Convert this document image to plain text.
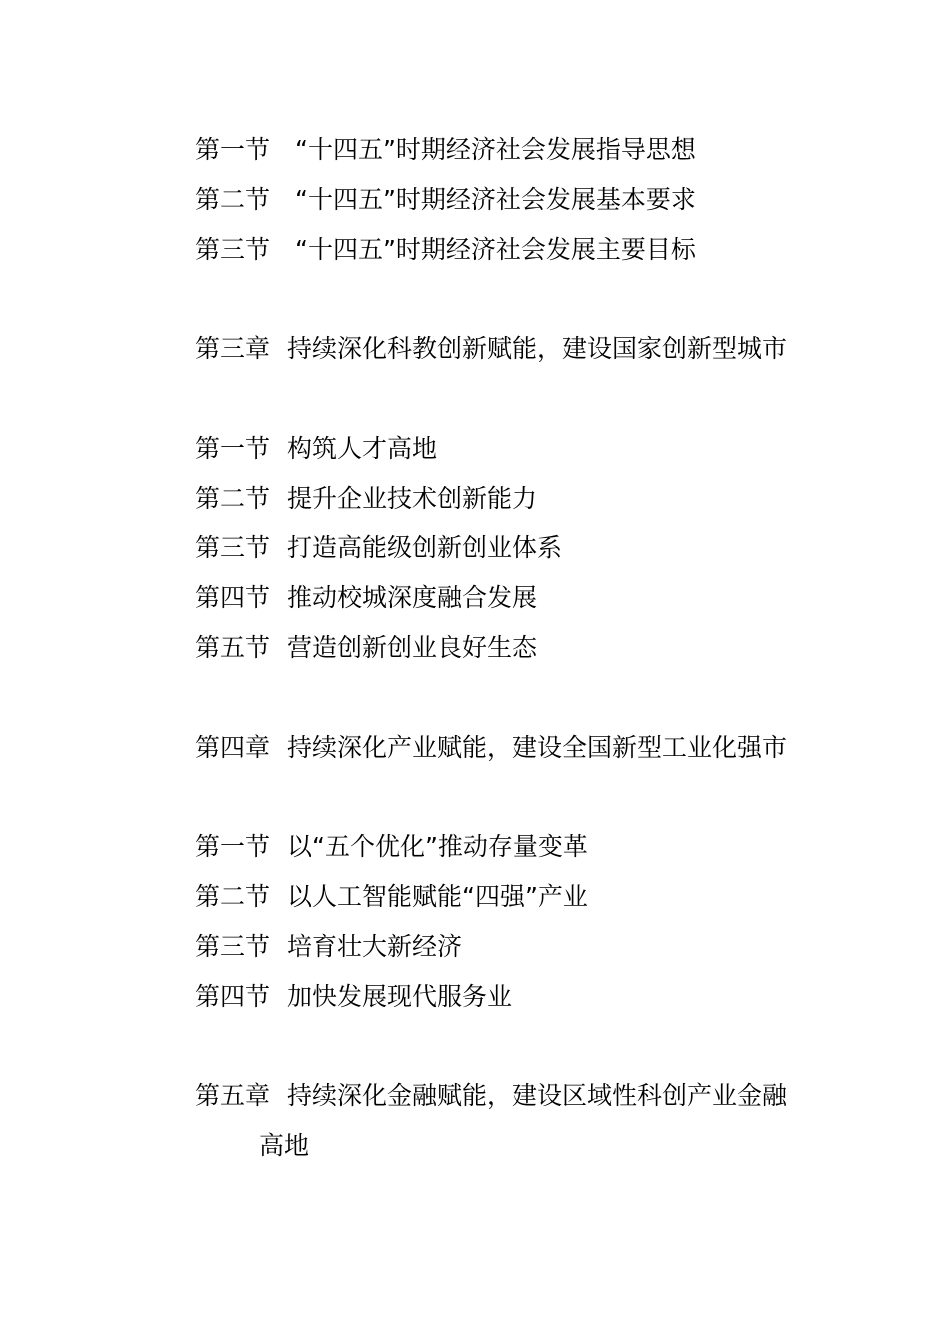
第一节 “十四五”时期经济社会发展指导思想
第二节 “十四五”时期经济社会发展基本要求
第三节 “十四五”时期经济社会发展主要目标
第三章 持续深化科教创新赋能，建设国家创新型城市
第一节 构筑人才高地
第二节 提升企业技术创新能力
第三节 打造高能级创新创业体系
第四节 推动校城深度融合发展
第五节 营造创新创业良好生态
第四章 持续深化产业赋能，建设全国新型工业化强市
第一节 以“五个优化”推动存量变革
第二节 以人工智能赋能“四强”产业
第三节 培育壮大新经济
第四节 加快发展现代服务业
第五章 持续深化金融赋能，建设区域性科创产业金融
高地
